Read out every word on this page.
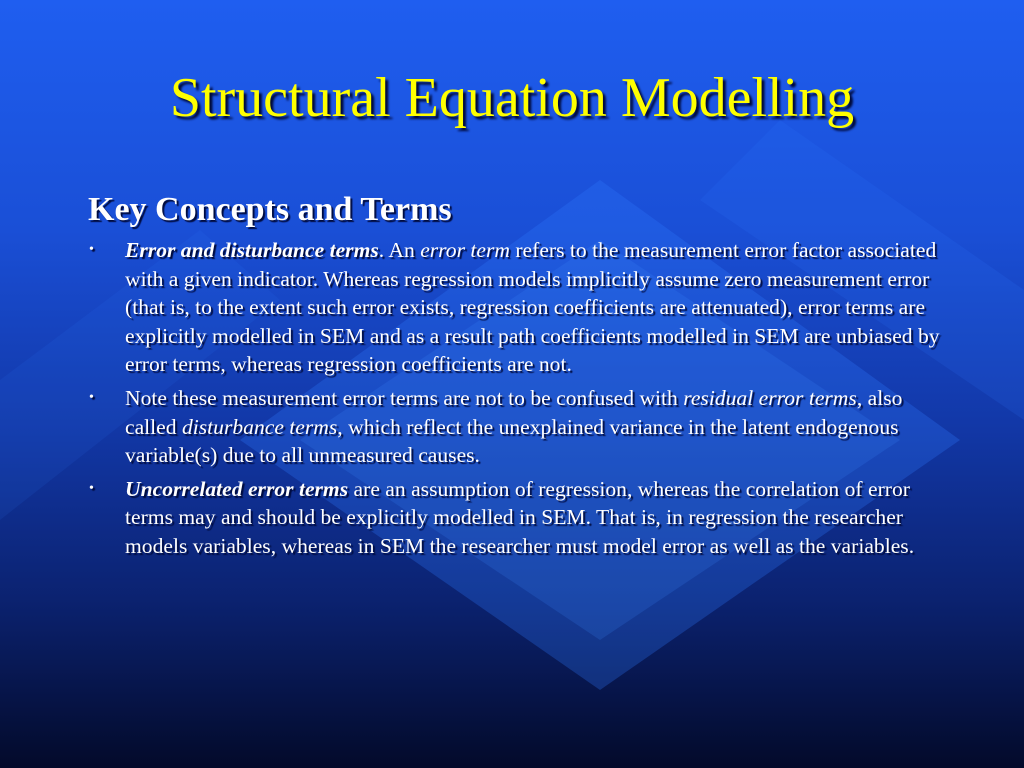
Structural Equation Modelling
Key Concepts and Terms
• Error and disturbance terms. An error term refers to the measurement error factor associated with a given indicator. Whereas regression models implicitly assume zero measurement error (that is, to the extent such error exists, regression coefficients are attenuated), error terms are explicitly modelled in SEM and as a result path coefficients modelled in SEM are unbiased by error terms, whereas regression coefficients are not.
• Note these measurement error terms are not to be confused with residual error terms, also called disturbance terms, which reflect the unexplained variance in the latent endogenous variable(s) due to all unmeasured causes.
• Uncorrelated error terms are an assumption of regression, whereas the correlation of error terms may and should be explicitly modelled in SEM. That is, in regression the researcher models variables, whereas in SEM the researcher must model error as well as the variables.
